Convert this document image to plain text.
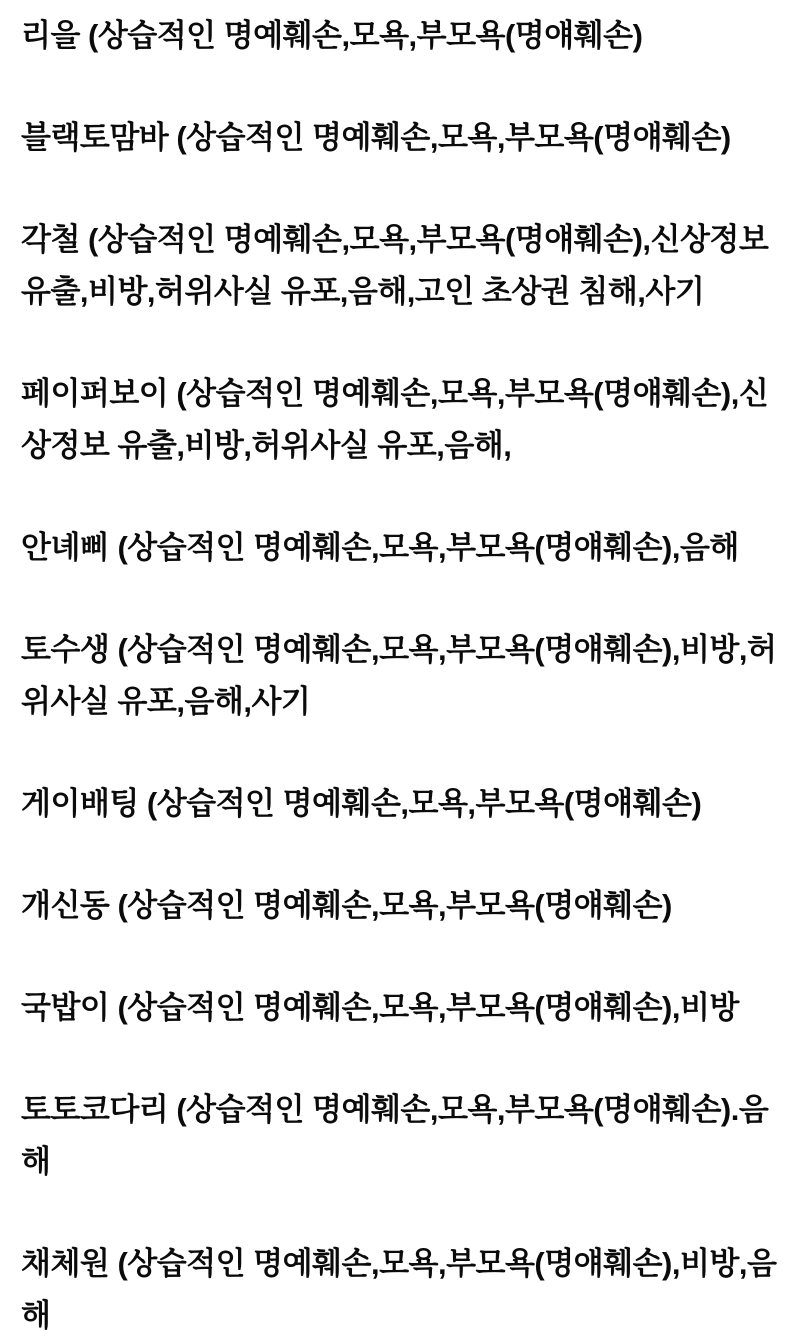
리을 (상습적인 명예훼손,모욕,부모욕(명얘훼손)

블랙토맘바 (상습적인 명예훼손,모욕,부모욕(명얘훼손)

각철 (상습적인 명예훼손,모욕,부모욕(명얘훼손),신상정보 유출,비방,허위사실 유포,음해,고인 초상권 침해,사기

페이퍼보이 (상습적인 명예훼손,모욕,부모욕(명얘훼손),신상정보 유출,비방,허위사실 유포,음해,

안녜삐 (상습적인 명예훼손,모욕,부모욕(명얘훼손),음해

토수생 (상습적인 명예훼손,모욕,부모욕(명얘훼손),비방,허위사실 유포,음해,사기

게이배팅 (상습적인 명예훼손,모욕,부모욕(명얘훼손)

개신동 (상습적인 명예훼손,모욕,부모욕(명얘훼손)

국밥이 (상습적인 명예훼손,모욕,부모욕(명얘훼손),비방

토토코다리 (상습적인 명예훼손,모욕,부모욕(명얘훼손).음해

채체원 (상습적인 명예훼손,모욕,부모욕(명얘훼손),비방,음해
